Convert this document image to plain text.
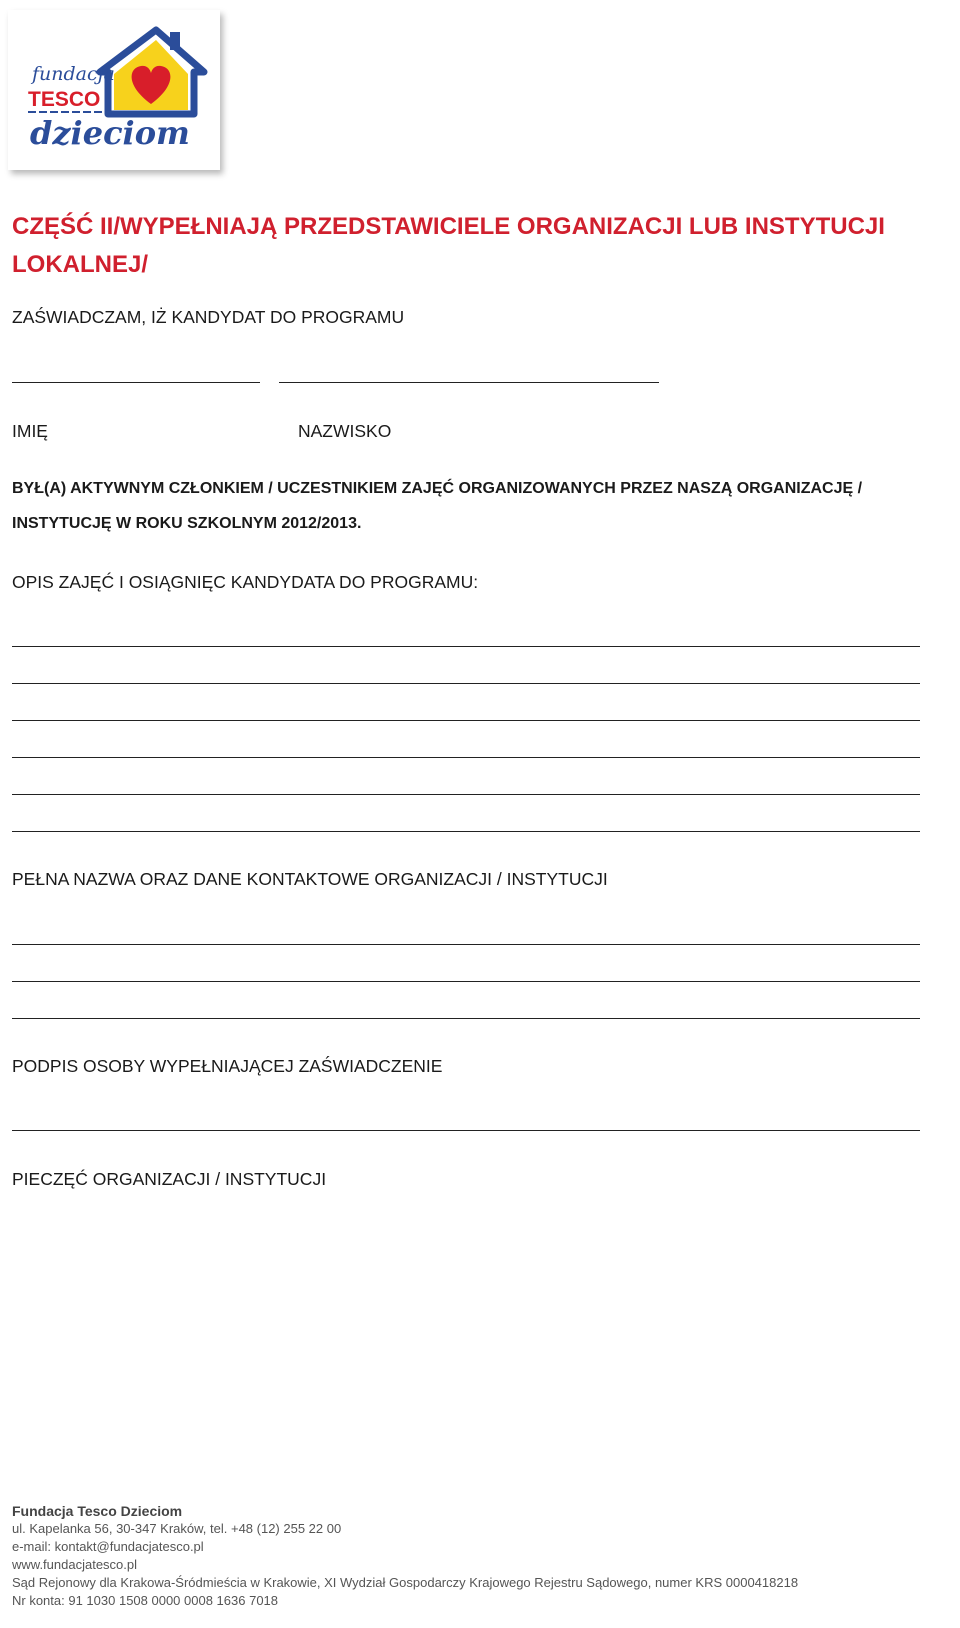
fundacja
TESCO
dzieciom
CZĘŚĆ II/WYPEŁNIAJĄ PRZEDSTAWICIELE ORGANIZACJI LUB INSTYTUCJI
LOKALNEJ/
ZAŚWIADCZAM, IŻ KANDYDAT DO PROGRAMU
IMIĘ	NAZWISKO
BYŁ(A) AKTYWNYM CZŁONKIEM / UCZESTNIKIEM ZAJĘĆ ORGANIZOWANYCH PRZEZ NASZĄ ORGANIZACJĘ /
INSTYTUCJĘ W ROKU SZKOLNYM 2012/2013.
OPIS ZAJĘĆ I OSIĄGNIĘC KANDYDATA DO PROGRAMU:
PEŁNA NAZWA ORAZ DANE KONTAKTOWE ORGANIZACJI / INSTYTUCJI
PODPIS OSOBY WYPEŁNIAJĄCEJ ZAŚWIADCZENIE
PIECZĘĆ ORGANIZACJI / INSTYTUCJI
Fundacja Tesco Dzieciom
ul. Kapelanka 56, 30-347 Kraków, tel. +48 (12) 255 22 00
e-mail: kontakt@fundacjatesco.pl
www.fundacjatesco.pl
Sąd Rejonowy dla Krakowa-Śródmieścia w Krakowie, XI Wydział Gospodarczy Krajowego Rejestru Sądowego, numer KRS 0000418218
Nr konta: 91 1030 1508 0000 0008 1636 7018
